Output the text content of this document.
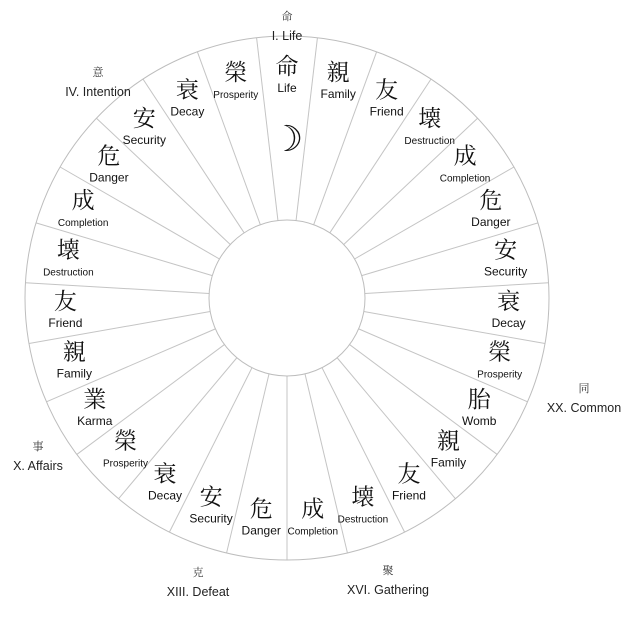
命
Life
親
Family 友
Friend 壊
Destruction
成
Completion
危
Danger
安
Security
衰
Decay
榮
Prosperity
胎
Womb
親
Family
友
Friend
壊
Destruction
成
Completion
危
Danger
安
Security
衰
Decay
榮
Prosperity
業
Karma
親
Family
友
Friend
壊
Destruction
成
Completion
危
Danger
安
Security
衰
Decay
榮
Prosperity
☽
命
I. Life
同
XX. Common
聚
XVI. Gathering
克
XIII. Defeat
事
X. Affairs
意
IV. Intention
